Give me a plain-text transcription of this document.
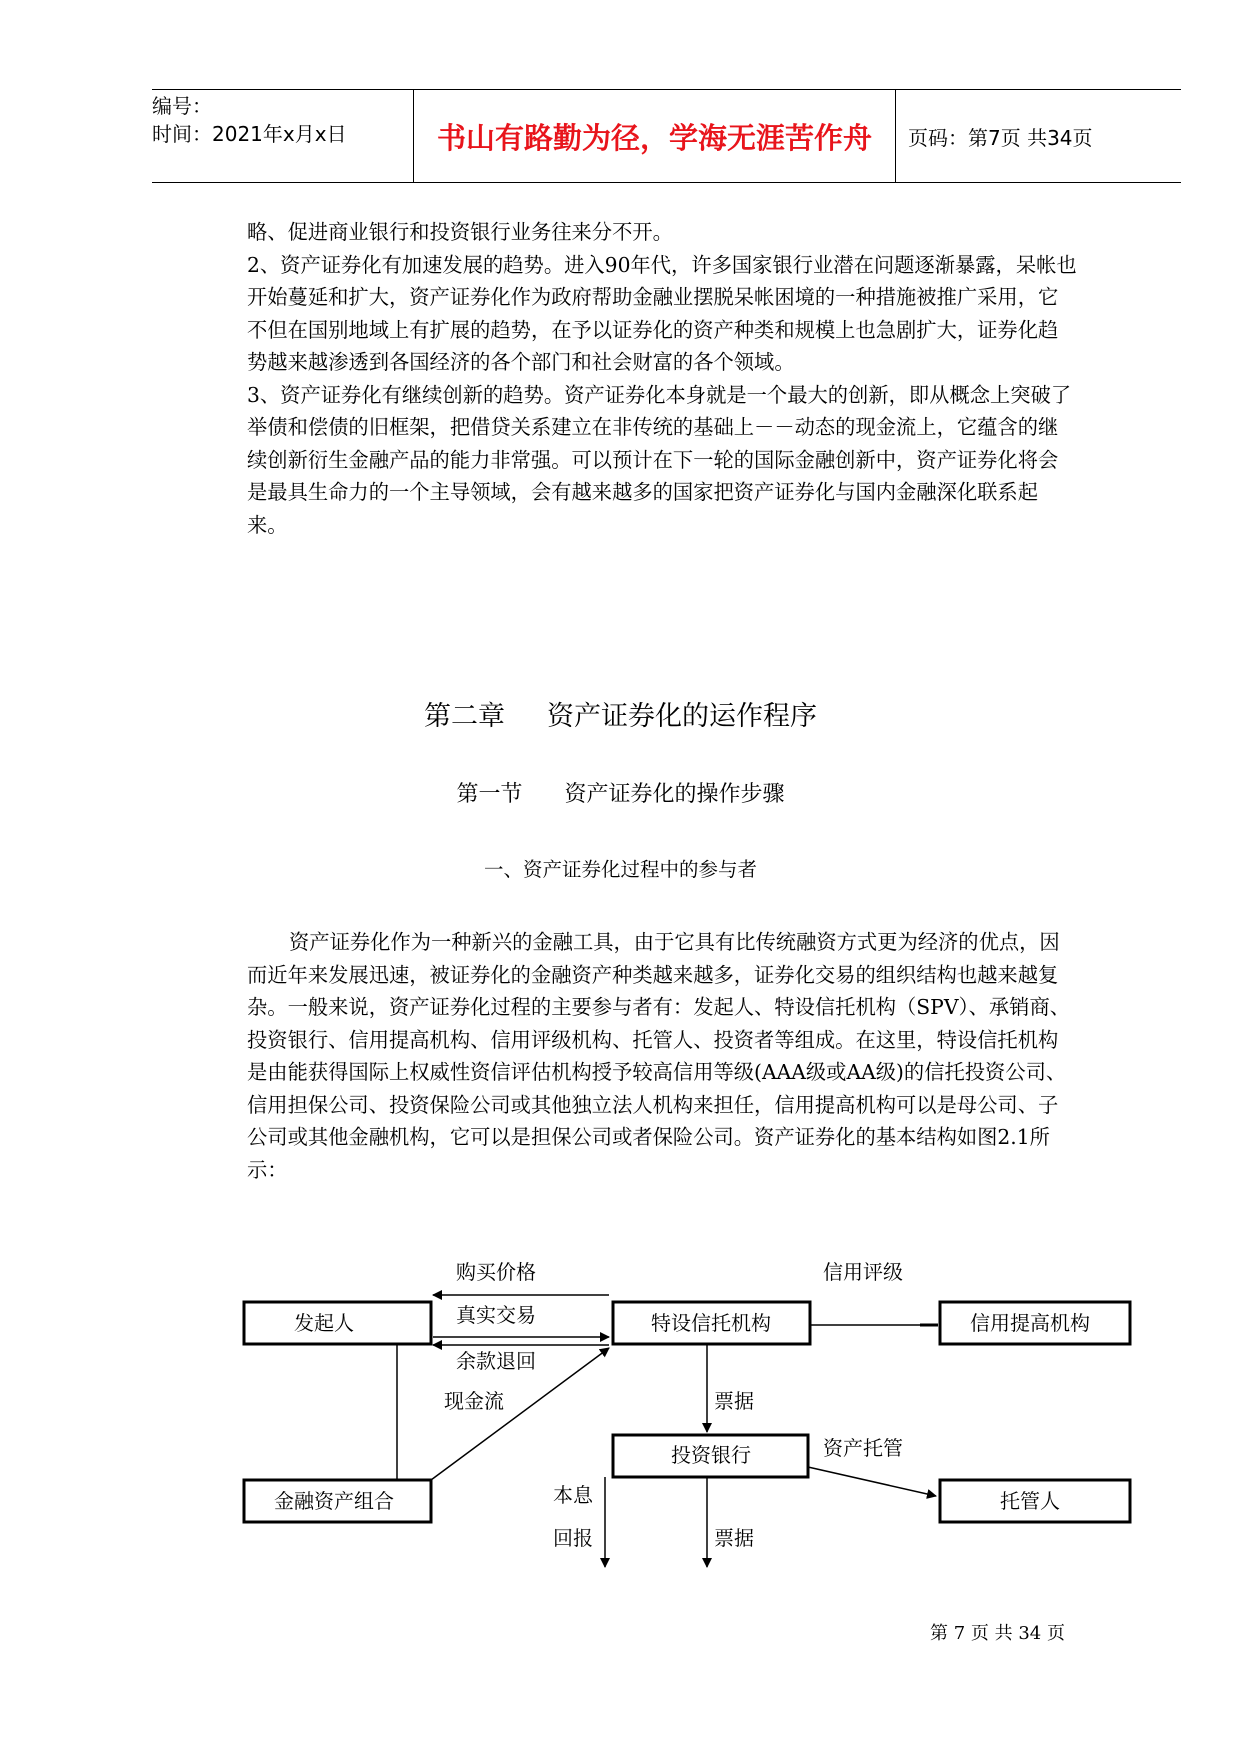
编号：
时间：2021年x月x日	书山有路勤为径，学海无涯苦作舟	页码：第7页 共34页

略、促进商业银行和投资银行业务往来分不开。

2、资产证券化有加速发展的趋势。进入90年代，许多国家银行业潜在问题逐渐暴露，呆帐也开始蔓延和扩大，资产证券化作为政府帮助金融业摆脱呆帐困境的一种措施被推广采用，它不但在国别地域上有扩展的趋势，在予以证券化的资产种类和规模上也急剧扩大，证券化趋势越来越渗透到各国经济的各个部门和社会财富的各个领域。

3、资产证券化有继续创新的趋势。资产证券化本身就是一个最大的创新，即从概念上突破了举债和偿债的旧框架，把借贷关系建立在非传统的基础上－－动态的现金流上，它蕴含的继续创新衍生金融产品的能力非常强。可以预计在下一轮的国际金融创新中，资产证券化将会是最具生命力的一个主导领域，会有越来越多的国家把资产证券化与国内金融深化联系起来。

第二章 资产证券化的运作程序
第一节 资产证券化的操作步骤
一、资产证券化过程中的参与者

资产证券化作为一种新兴的金融工具，由于它具有比传统融资方式更为经济的优点，因而近年来发展迅速，被证券化的金融资产种类越来越多，证券化交易的组织结构也越来越复杂。一般来说，资产证券化过程的主要参与者有：发起人、特设信托机构（SPV）、承销商、投资银行、信用提高机构、信用评级机构、托管人、投资者等组成。在这里，特设信托机构是由能获得国际上权威性资信评估机构授予较高信用等级(AAA级或AA级)的信托投资公司、信用担保公司、投资保险公司或其他独立法人机构来担任，信用提高机构可以是母公司、子公司或其他金融机构，它可以是担保公司或者保险公司。资产证券化的基本结构如图2.1所示：

发起人	特设信托机构	信用提高机构
投资银行
金融资产组合	托管人
购买价格
真实交易
余款退回
现金流
信用评级
票据
资产托管
本息
回报	票据
第 7 页 共 34 页
